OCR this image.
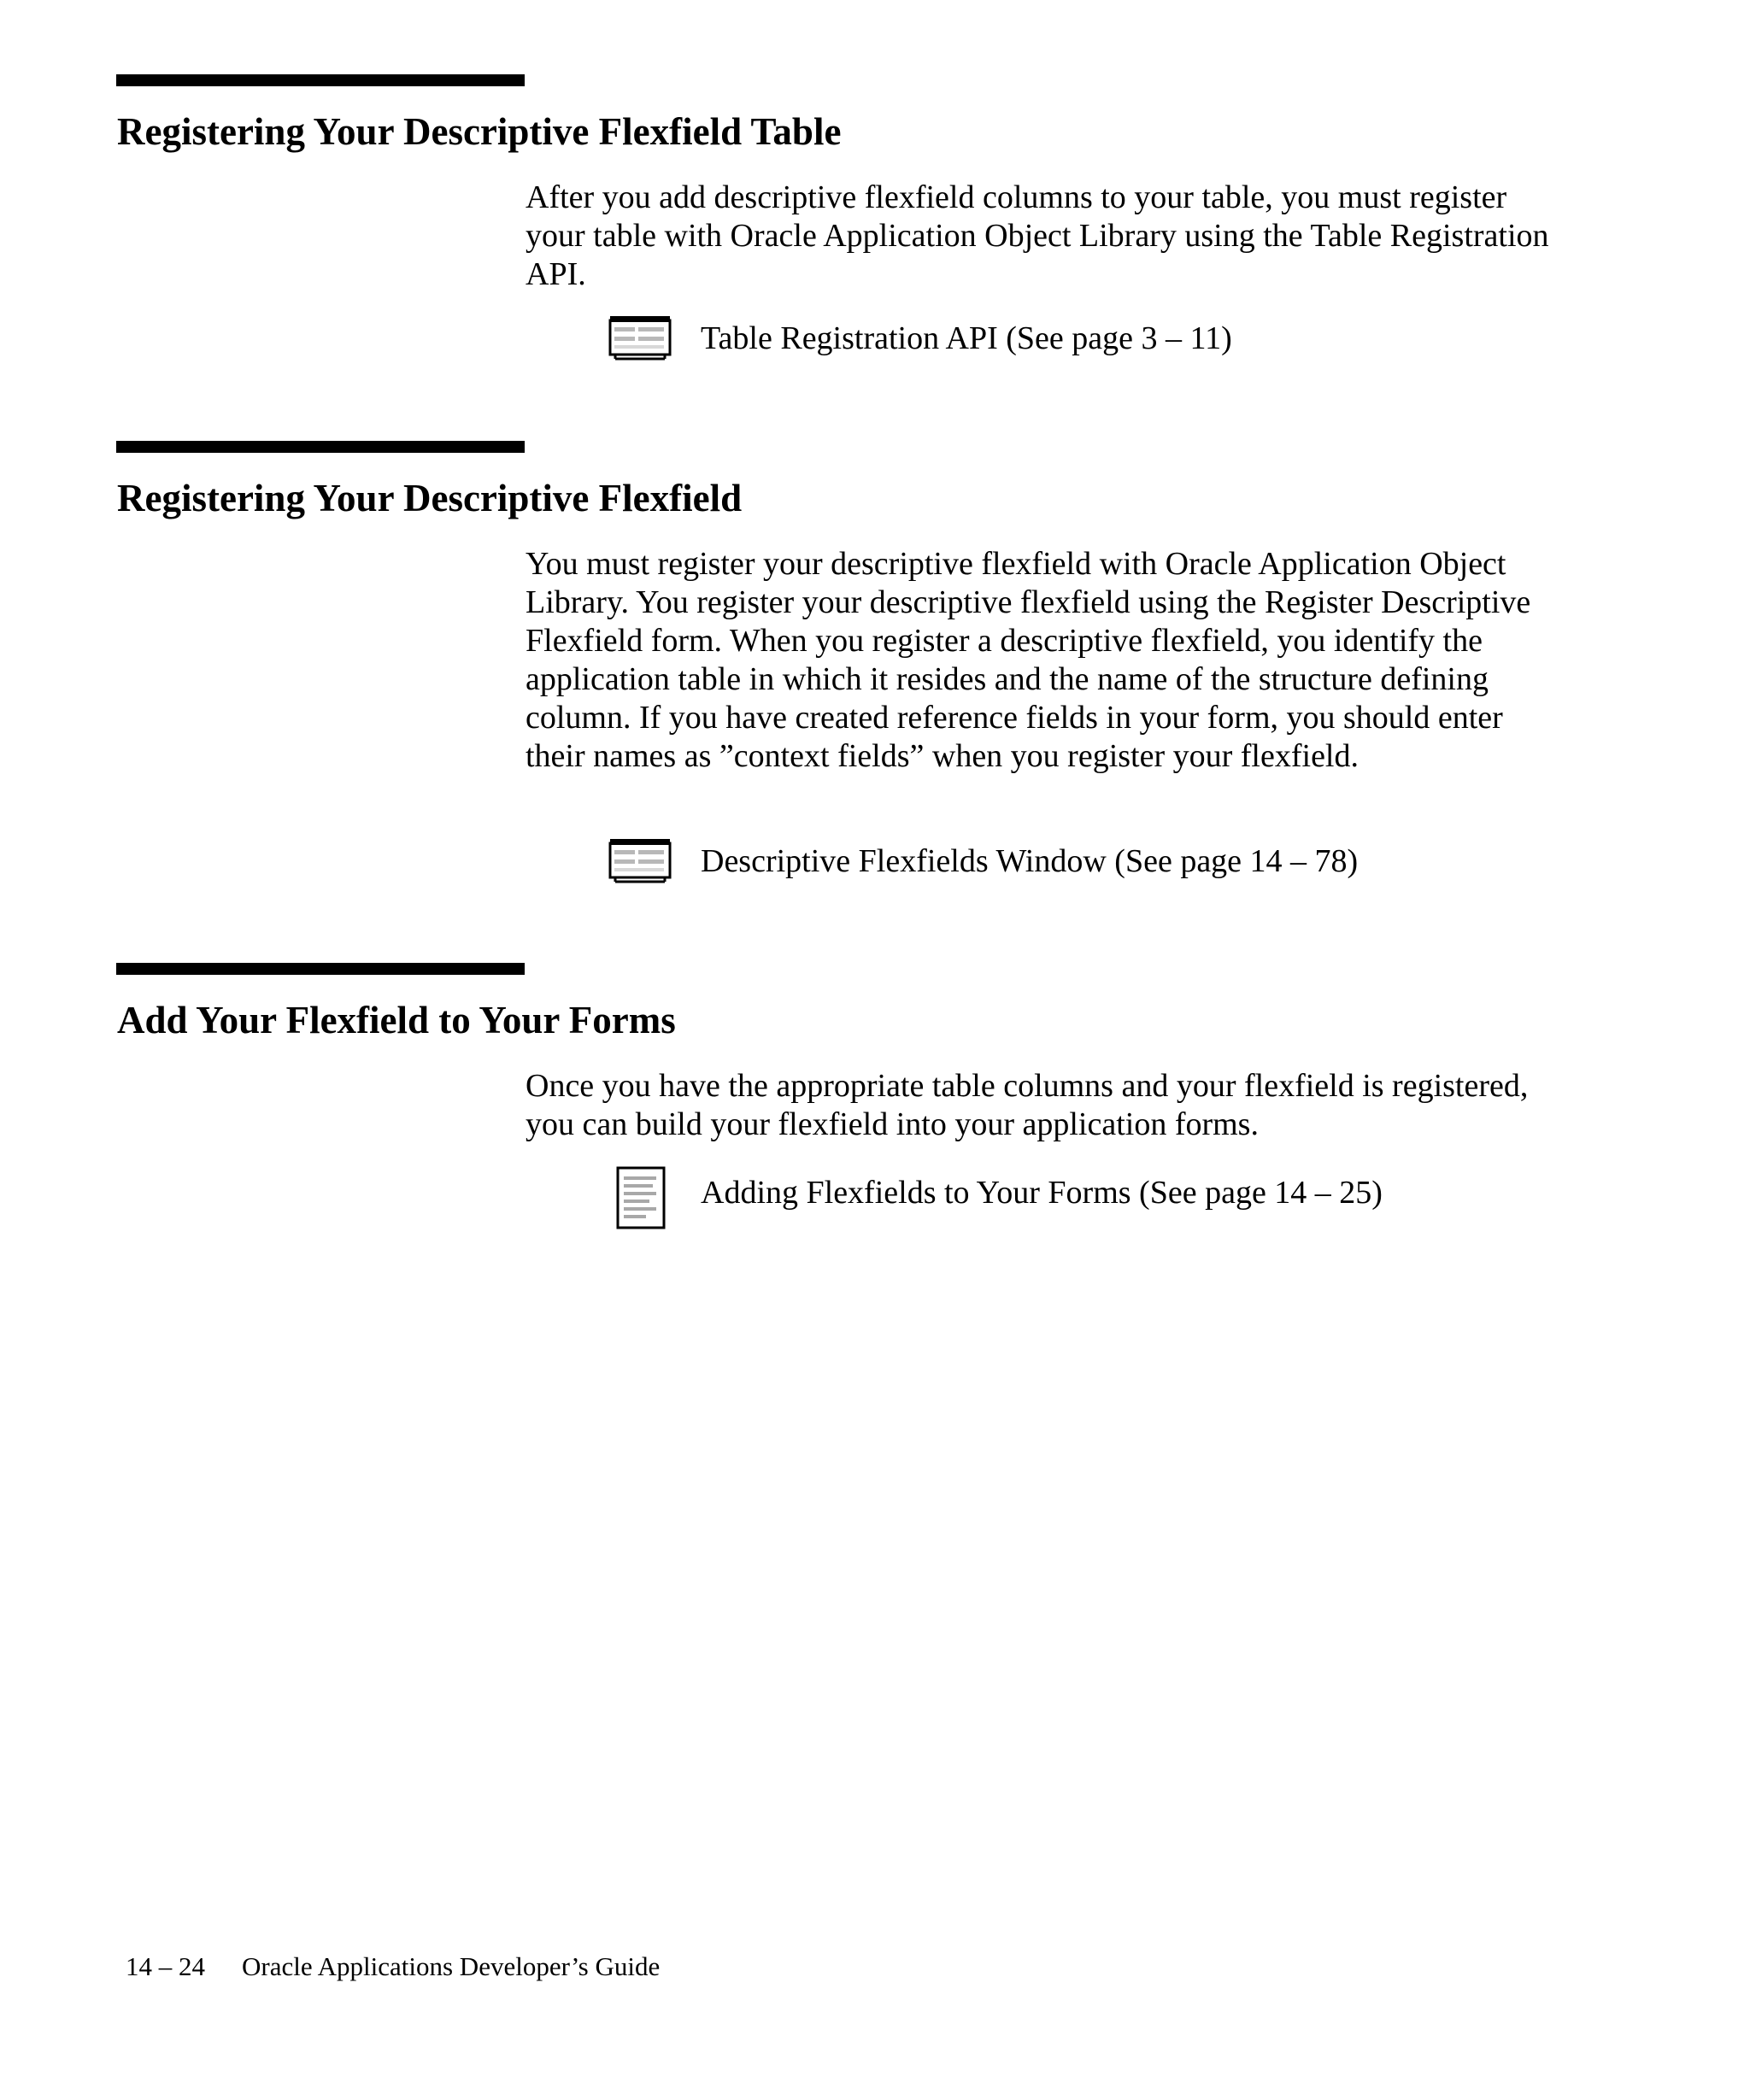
Registering Your Descriptive Flexfield Table

After you add descriptive flexfield columns to your table, you must register your table with Oracle Application Object Library using the Table Registration API.

Table Registration API (See page 3 – 11)
Registering Your Descriptive Flexfield

You must register your descriptive flexfield with Oracle Application Object Library. You register your descriptive flexfield using the Register Descriptive Flexfield form. When you register a descriptive flexfield, you identify the application table in which it resides and the name of the structure defining column. If you have created reference fields in your form, you should enter their names as ”context fields” when you register your flexfield.

Descriptive Flexfields Window (See page 14 – 78)
Add Your Flexfield to Your Forms

Once you have the appropriate table columns and your flexfield is registered, you can build your flexfield into your application forms.

Adding Flexfields to Your Forms (See page 14 – 25)
14 – 24 Oracle Applications Developer’s Guide
